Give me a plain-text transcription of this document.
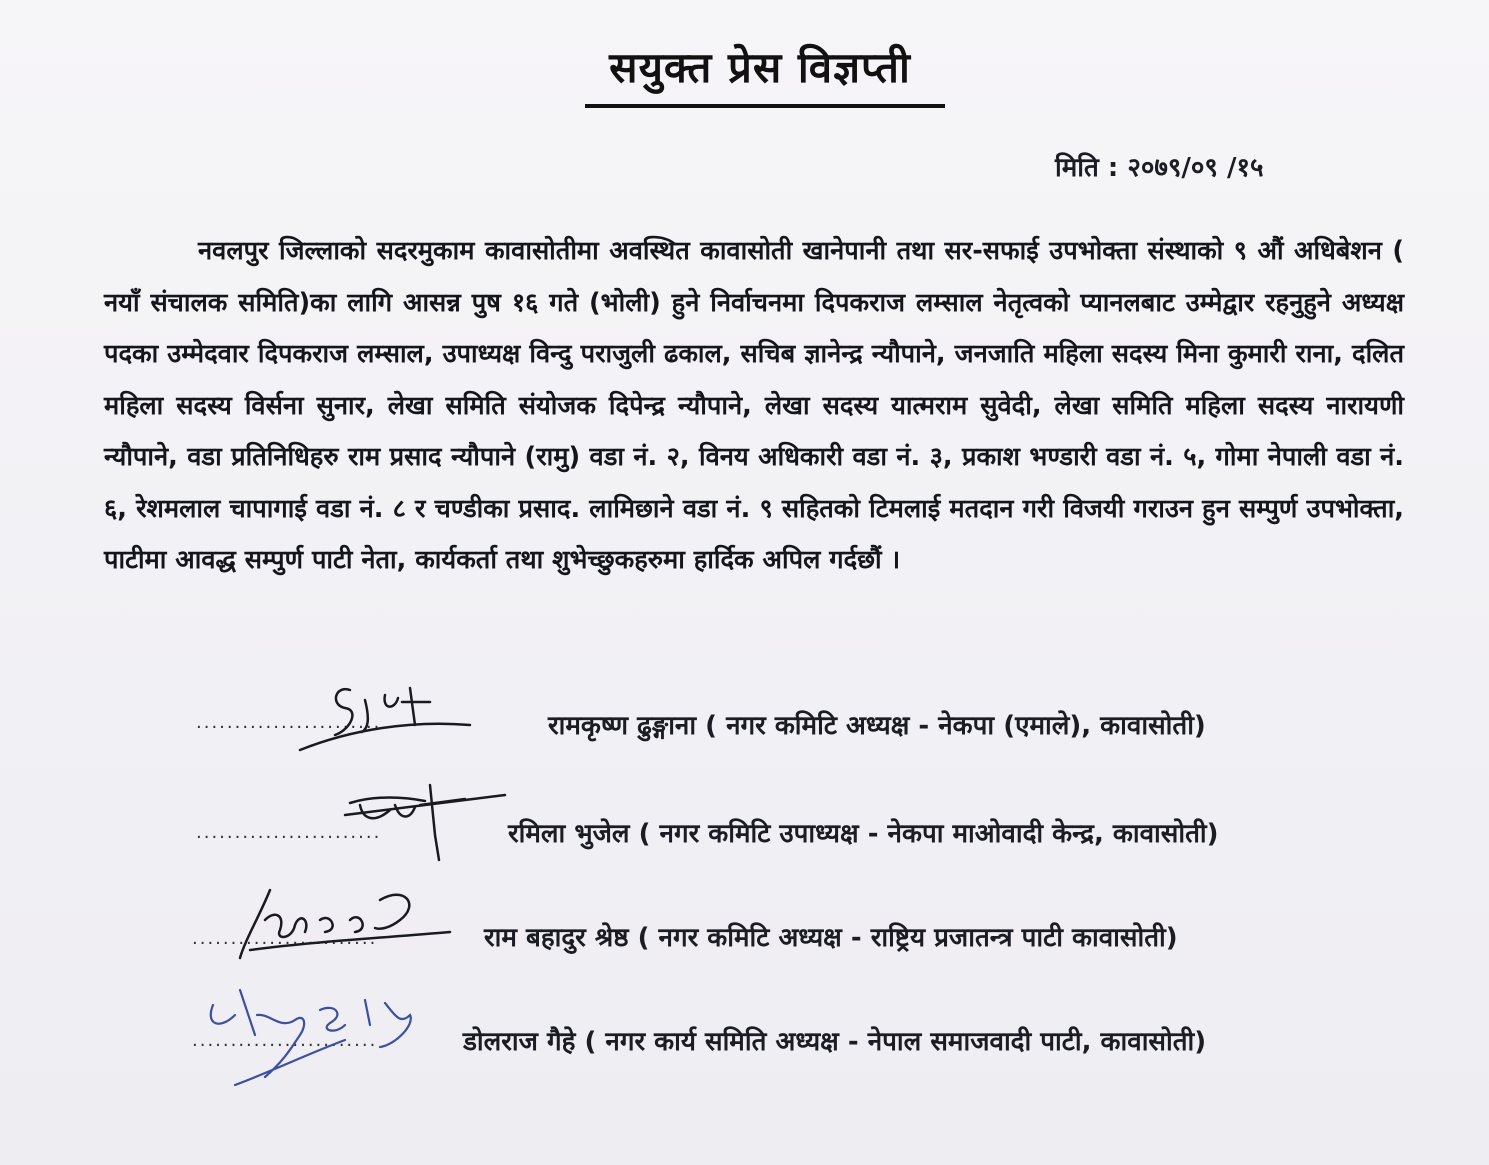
सयुक्त प्रेस विज्ञप्ती
मिति : २०७९/०९ /१५
नवलपुर जिल्लाको सदरमुकाम कावासोतीमा अवस्थित कावासोती खानेपानी तथा सर-सफाई उपभोक्ता संस्थाको ९ औं अधिबेशन ( नयाँ संचालक समिति)का लागि आसन्न पुष १६ गते (भोली) हुने निर्वाचनमा दिपकराज लम्साल नेतृत्वको प्यानलबाट उम्मेद्वार रहनुहुने अध्यक्ष पदका उम्मेदवार दिपकराज लम्साल, उपाध्यक्ष विन्दु पराजुली ढकाल, सचिब ज्ञानेन्द्र न्यौपाने, जनजाति महिला सदस्य मिना कुमारी राना, दलित महिला सदस्य विर्सना सुनार, लेखा समिति संयोजक दिपेन्द्र न्यौपाने, लेखा सदस्य यात्मराम सुवेदी, लेखा समिति महिला सदस्य नारायणी न्यौपाने, वडा प्रतिनिधिहरु राम प्रसाद न्यौपाने (रामु) वडा नं. २, विनय अधिकारी वडा नं. ३, प्रकाश भण्डारी वडा नं. ५, गोमा नेपाली वडा नं. ६, रेशमलाल चापागाई वडा नं. ८ र चण्डीका प्रसाद. लामिछाने वडा नं. ९ सहितको टिमलाई मतदान गरी विजयी गराउन हुन सम्पुर्ण उपभोक्ता, पाटीमा आवद्ध सम्पुर्ण पाटी नेता, कार्यकर्ता तथा शुभेच्छुकहरुमा हार्दिक अपिल गर्दछौं ।
........................	रामकृष्ण ढुङ्गाना ( नगर कमिटि अध्यक्ष - नेकपा (एमाले), कावासोती)
........................	रमिला भुजेल ( नगर कमिटि उपाध्यक्ष - नेकपा माओवादी केन्द्र, कावासोती)
........................	राम बहादुर श्रेष्ठ ( नगर कमिटि अध्यक्ष - राष्ट्रिय प्रजातन्त्र पाटी कावासोती)
........................	डोलराज गैहे ( नगर कार्य समिति अध्यक्ष - नेपाल समाजवादी पाटी, कावासोती)
